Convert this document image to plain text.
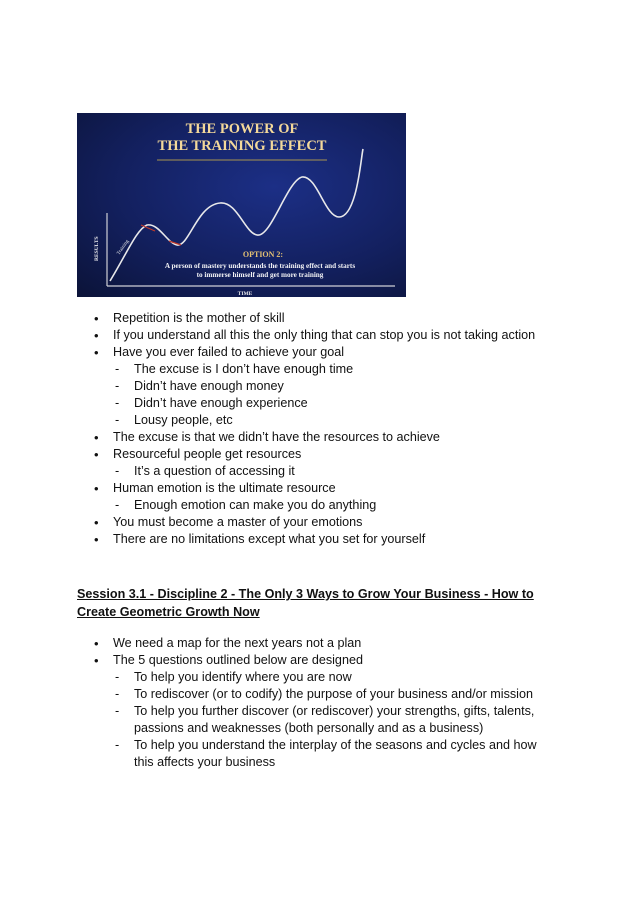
THE POWER OF
THE TRAINING EFFECT
RESULTS
TIME
Training	OPTION 2:
A person of mastery understands the training effect and starts
to immerse himself and get more training
• Repetition is the mother of skill
• If you understand all this the only thing that can stop you is not taking action
• Have you ever failed to achieve your goal
- The excuse is I don’t have enough time
- Didn’t have enough money
- Didn’t have enough experience
- Lousy people, etc
• The excuse is that we didn’t have the resources to achieve
• Resourceful people get resources
- It’s a question of accessing it
• Human emotion is the ultimate resource
- Enough emotion can make you do anything
• You must become a master of your emotions
• There are no limitations except what you set for yourself
Session 3.1 - Discipline 2 - The Only 3 Ways to Grow Your Business - How to
Create Geometric Growth Now
• We need a map for the next years not a plan
• The 5 questions outlined below are designed
- To help you identify where you are now
- To rediscover (or to codify) the purpose of your business and/or mission
- To help you further discover (or rediscover) your strengths, gifts, talents, passions and weaknesses (both personally and as a business)
- To help you understand the interplay of the seasons and cycles and how this affects your business
